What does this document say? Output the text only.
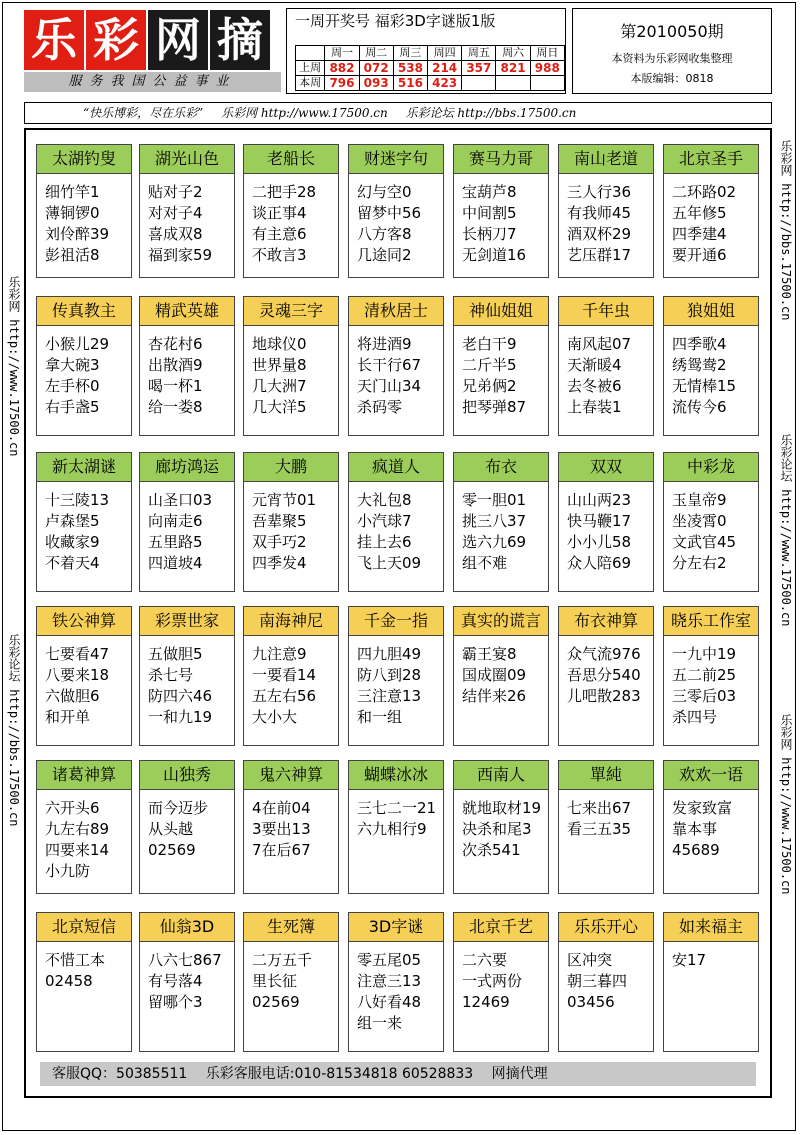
乐 彩 网 摘
服务我国公益事业
一周开奖号 福彩3D字谜版1版
	周一	周二	周三	周四	周五	周六	周日
上周	882	072	538	214	357	821	988
本周	796	093	516	423			
第2010050期
本资料为乐彩网收集整理
本版编辑：0818
“快乐博彩，尽在乐彩” 乐彩网 http://www.17500.cn 乐彩论坛 http://bbs.17500.cn
乐彩网 http://www.17500.cn
乐彩论坛 http://bbs.17500.cn
乐彩网 http://bbs.17500.cn
乐彩论坛 http://www.17500.cn
乐彩网 http://www.17500.cn
客服QQ：50385511 乐彩客服电话:010-81534818 60528833 网摘代理
太湖钓叟
细竹竿1
薄铜锣0
刘伶醉39
彭祖活8
湖光山色
贴对子2
对对子4
喜成双8
福到家59
老船长
二把手28
谈正事4
有主意6
不敢言3
财迷字句
幻与空0
留梦中56
八方客8
几途同2
赛马力哥
宝葫芦8
中间割5
长柄刀7
无剑道16
南山老道
三人行36
有我师45
酒双杯29
艺压群17
北京圣手
二环路02
五年修5
四季建4
要开通6
传真教主
小猴儿29
拿大碗3
左手杯0
右手盏5
精武英雄
杏花村6
出散酒9
喝一杯1
给一娄8
灵魂三字
地球仪0
世界量8
几大洲7
几大洋5
清秋居士
将进酒9
长干行67
天门山34
杀码零
神仙姐姐
老白干9
二斤半5
兄弟俩2
把琴弹87
千年虫
南风起07
天渐暖4
去冬被6
上春装1
狼姐姐
四季歌4
绣鸳鸯2
无情棒15
流传今6
新太湖谜
十三陵13
卢森堡5
收藏家9
不着天4
廊坊鸿运
山圣口03
向南走6
五里路5
四道坡4
大鹏
元宵节01
吾辈聚5
双手巧2
四季发4
疯道人
大礼包8
小汽球7
挂上去6
飞上天09
布衣
零一胆01
挑三八37
选六九69
组不难
双双
山山两23
快马鞭17
小小儿58
众人陪69
中彩龙
玉皇帝9
坐凌霄0
文武官45
分左右2
铁公神算
七要看47
八要来18
六做胆6
和开单
彩票世家
五做胆5
杀七号
防四六46
一和九19
南海神尼
九注意9
一要看14
五左右56
大小大
千金一指
四九胆49
防八到28
三注意13
和一组
真实的谎言
霸王宴8
国成圈09
结伴来26
布衣神算
众气流976
吾思分540
儿吧散283
晓乐工作室
一九中19
五二前25
三零后03
杀四号
诸葛神算
六开头6
九左右89
四要来14
小九防
山独秀
而今迈步
从头越
02569
鬼六神算
4在前04
3要出13
7在后67
蝴蝶冰冰
三七二一21
六九相行9
西南人
就地取材19
决杀和尾3
次杀541
單純
七来出67
看三五35
欢欢一语
发家致富
靠本事
45689
北京短信
不惜工本
02458
仙翁3D
八六七867
有号落4
留哪个3
生死簿
二万五千
里长征
02569
3D字谜
零五尾05
注意三13
八好看48
组一来
北京千艺
二六要
一式两份
12469
乐乐开心
区冲突
朝三暮四
03456
如来福主
安17
